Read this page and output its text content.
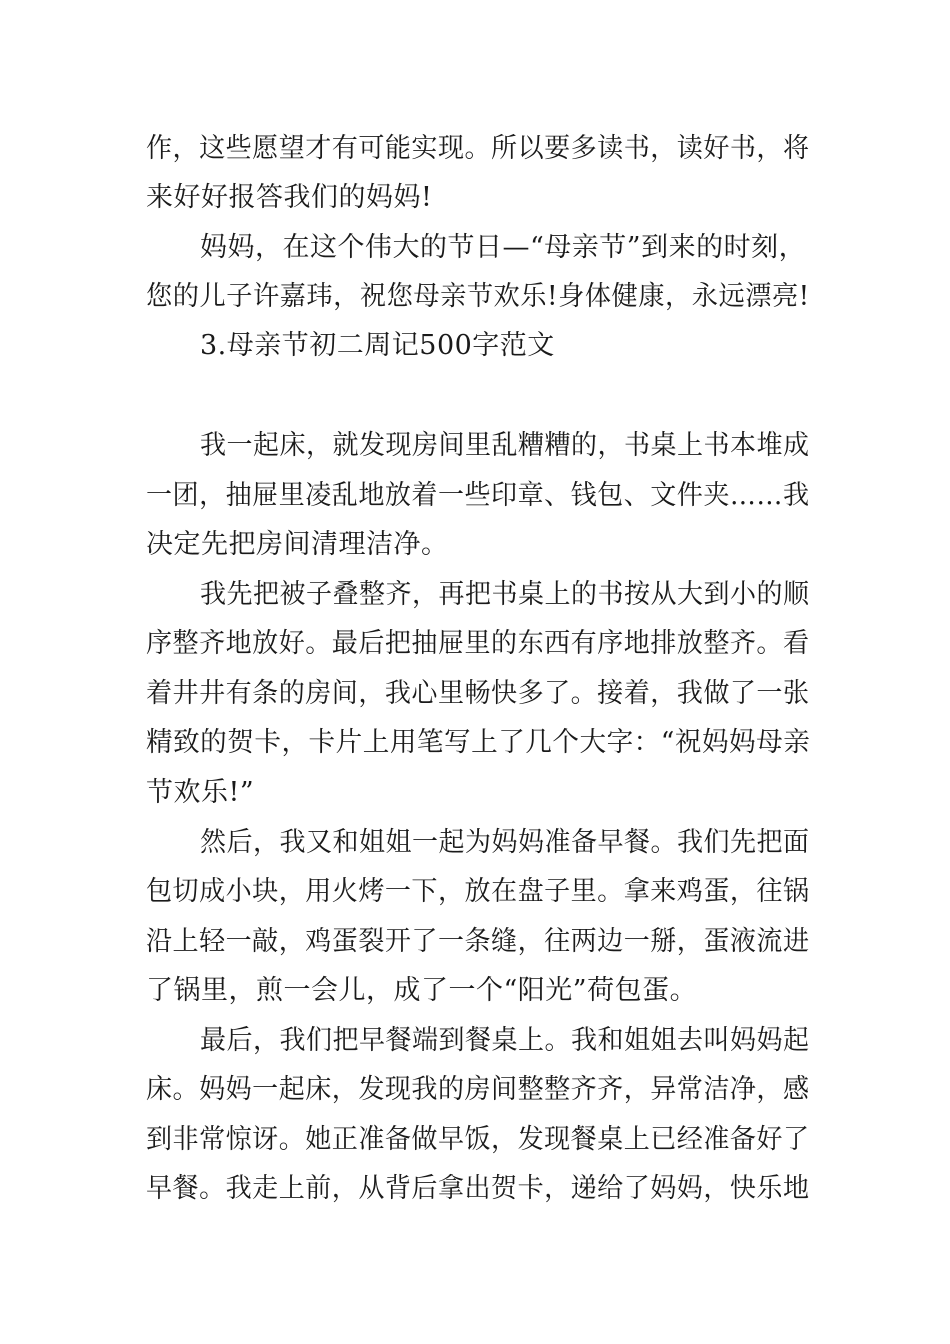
作，这些愿望才有可能实现。所以要多读书，读好书，将
来好好报答我们的妈妈!
妈妈，在这个伟大的节日—“母亲节”到来的时刻，
您的儿子许嘉玮，祝您母亲节欢乐!身体健康，永远漂亮!
3.母亲节初二周记500字范文
我一起床，就发现房间里乱糟糟的，书桌上书本堆成
一团，抽屉里凌乱地放着一些印章、钱包、文件夹……我
决定先把房间清理洁净。
我先把被子叠整齐，再把书桌上的书按从大到小的顺
序整齐地放好。最后把抽屉里的东西有序地排放整齐。看
着井井有条的房间，我心里畅快多了。接着，我做了一张
精致的贺卡，卡片上用笔写上了几个大字：“祝妈妈母亲
节欢乐!”
然后，我又和姐姐一起为妈妈准备早餐。我们先把面
包切成小块，用火烤一下，放在盘子里。拿来鸡蛋，往锅
沿上轻一敲，鸡蛋裂开了一条缝，往两边一掰，蛋液流进
了锅里，煎一会儿，成了一个“阳光”荷包蛋。
最后，我们把早餐端到餐桌上。我和姐姐去叫妈妈起
床。妈妈一起床，发现我的房间整整齐齐，异常洁净，感
到非常惊讶。她正准备做早饭，发现餐桌上已经准备好了
早餐。我走上前，从背后拿出贺卡，递给了妈妈，快乐地
